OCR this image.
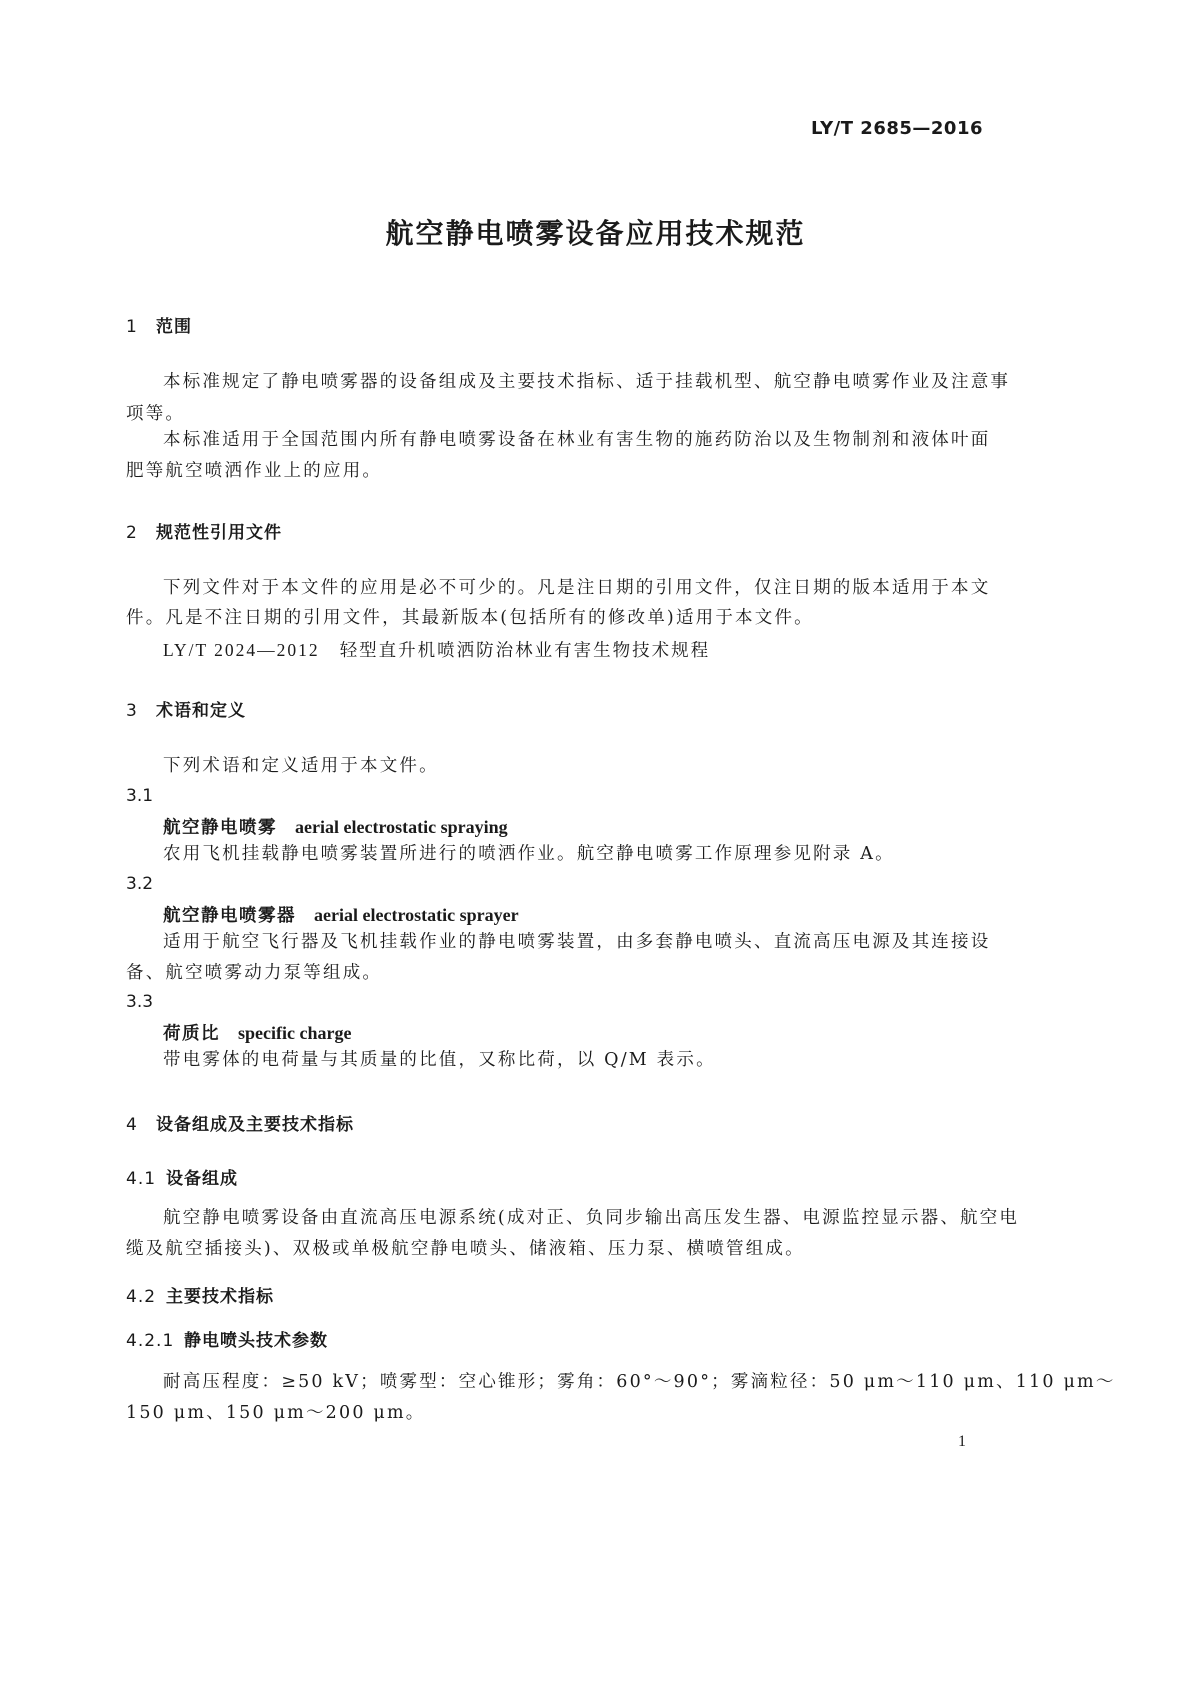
LY/T 2685—2016
航空静电喷雾设备应用技术规范
1 范围
本标准规定了静电喷雾器的设备组成及主要技术指标、适于挂载机型、航空静电喷雾作业及注意事
项等。
本标准适用于全国范围内所有静电喷雾设备在林业有害生物的施药防治以及生物制剂和液体叶面
肥等航空喷洒作业上的应用。
2 规范性引用文件
下列文件对于本文件的应用是必不可少的。凡是注日期的引用文件，仅注日期的版本适用于本文
件。凡是不注日期的引用文件，其最新版本(包括所有的修改单)适用于本文件。
LY/T 2024—2012 轻型直升机喷洒防治林业有害生物技术规程
3 术语和定义
下列术语和定义适用于本文件。
3.1
航空静电喷雾 aerial electrostatic spraying
农用飞机挂载静电喷雾装置所进行的喷洒作业。航空静电喷雾工作原理参见附录 A。
3.2
航空静电喷雾器 aerial electrostatic sprayer
适用于航空飞行器及飞机挂载作业的静电喷雾装置，由多套静电喷头、直流高压电源及其连接设
备、航空喷雾动力泵等组成。
3.3
荷质比 specific charge
带电雾体的电荷量与其质量的比值，又称比荷，以 Q/M 表示。
4 设备组成及主要技术指标
4.1 设备组成
航空静电喷雾设备由直流高压电源系统(成对正、负同步输出高压发生器、电源监控显示器、航空电
缆及航空插接头)、双极或单极航空静电喷头、储液箱、压力泵、横喷管组成。
4.2 主要技术指标
4.2.1 静电喷头技术参数
耐高压程度：≥50 kV；喷雾型：空心锥形；雾角：60°～90°；雾滴粒径：50 μm～110 μm、110 μm～
150 μm、150 μm～200 μm。
1
